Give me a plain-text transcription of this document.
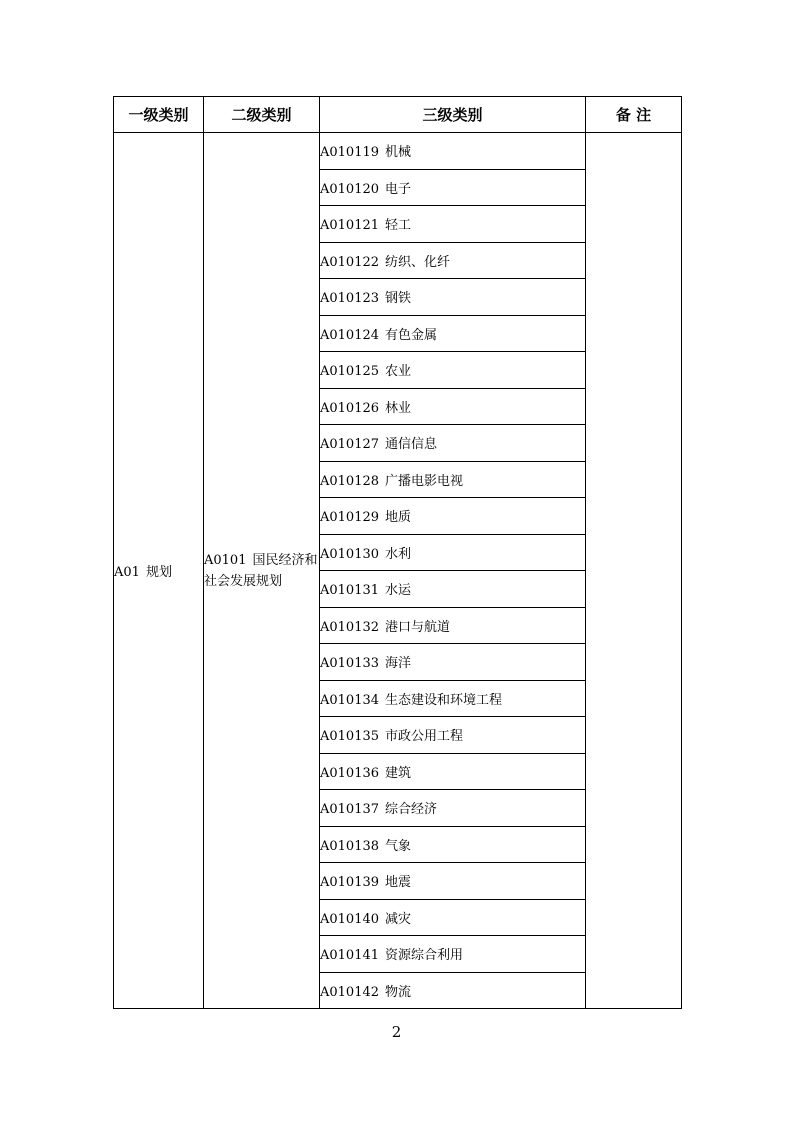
一级类别	二级类别	三级类别	备 注
A01 规划	A0101 国民经济和社会发展规划	A010119 机械	
		A010120 电子	
		A010121 轻工	
		A010122 纺织、化纤	
		A010123 钢铁	
		A010124 有色金属	
		A010125 农业	
		A010126 林业	
		A010127 通信信息	
		A010128 广播电影电视	
		A010129 地质	
		A010130 水利	
		A010131 水运	
		A010132 港口与航道	
		A010133 海洋	
		A010134 生态建设和环境工程	
		A010135 市政公用工程	
		A010136 建筑	
		A010137 综合经济	
		A010138 气象	
		A010139 地震	
		A010140 减灾	
		A010141 资源综合利用	
		A010142 物流	
2
